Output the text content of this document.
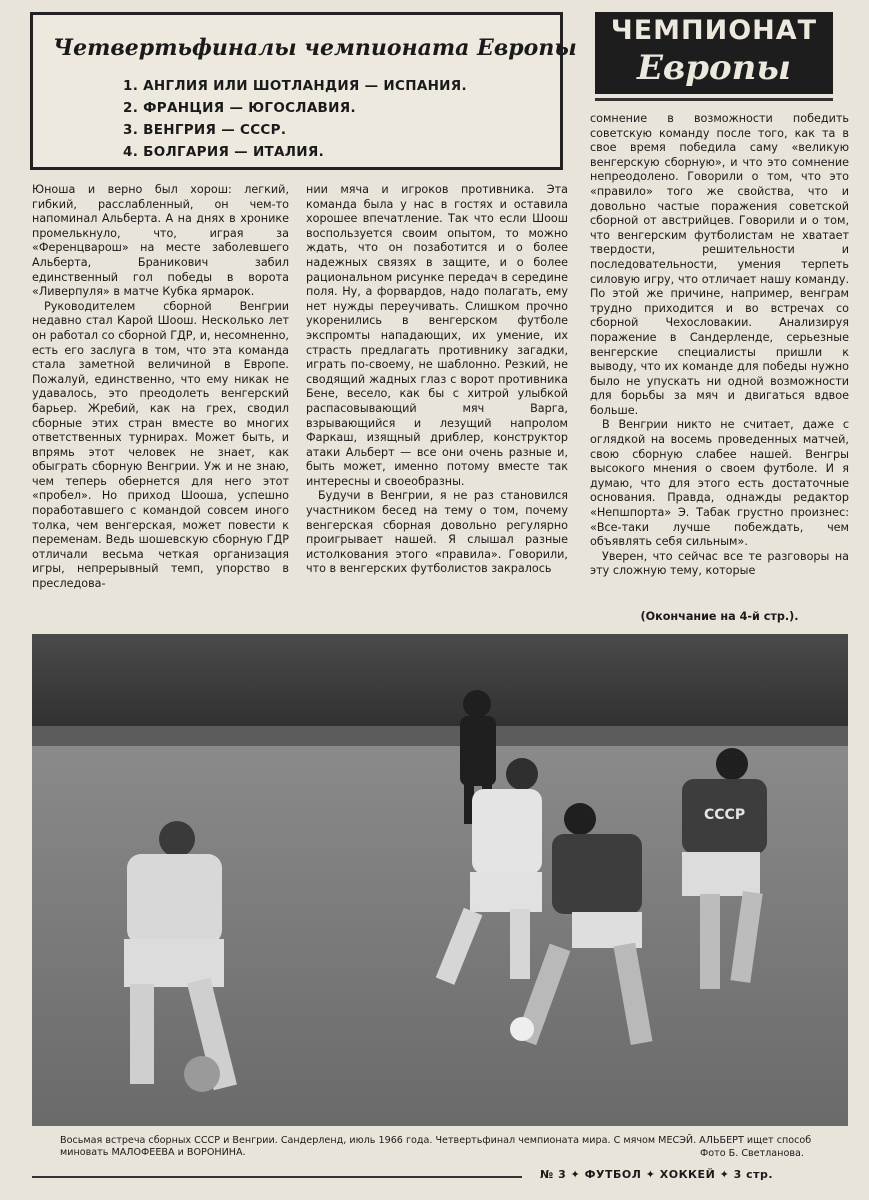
Четвертьфиналы чемпионата Европы
1. АНГЛИЯ ИЛИ ШОТЛАНДИЯ — ИСПАНИЯ.
2. ФРАНЦИЯ — ЮГОСЛАВИЯ.
3. ВЕНГРИЯ — СССР.
4. БОЛГАРИЯ — ИТАЛИЯ.
ЧЕМПИОНАТ
Европы

Юноша и верно был хорош: легкий, гибкий, расслабленный, он чем-то напоминал Альберта. А на днях в хронике промелькнуло, что, играя за «Ференцварош» на месте заболевшего Альберта, Браникович забил единственный гол победы в ворота «Ливерпуля» в матче Кубка ярмарок.

Руководителем сборной Венгрии недавно стал Карой Шоош. Несколько лет он работал со сборной ГДР, и, несомненно, есть его заслуга в том, что эта команда стала заметной величиной в Европе. Пожалуй, единственно, что ему никак не удавалось, это преодолеть венгерский барьер. Жребий, как на грех, сводил сборные этих стран вместе во многих ответственных турнирах. Может быть, и впрямь этот человек не знает, как обыграть сборную Венгрии. Уж и не знаю, чем теперь обернется для него этот «пробел». Но приход Шооша, успешно поработавшего с командой совсем иного толка, чем венгерская, может повести к переменам. Ведь шошевскую сборную ГДР отличали весьма четкая организация игры, непрерывный темп, упорство в преследова-

нии мяча и игроков противника. Эта команда была у нас в гостях и оставила хорошее впечатление. Так что если Шоош воспользуется своим опытом, то можно ждать, что он позаботится и о более надежных связях в защите, и о более рациональном рисунке передач в середине поля. Ну, а форвардов, надо полагать, ему нет нужды переучивать. Слишком прочно укоренились в венгерском футболе экспромты нападающих, их умение, их страсть предлагать противнику загадки, играть по-своему, не шаблонно. Резкий, не сводящий жадных глаз с ворот противника Бене, весело, как бы с хитрой улыбкой распасовывающий мяч Варга, взрывающийся и лезущий напролом Фаркаш, изящный дриблер, конструктор атаки Альберт — все они очень разные и, быть может, именно потому вместе так интересны и своеобразны.

Будучи в Венгрии, я не раз становился участником бесед на тему о том, почему венгерская сборная довольно регулярно проигрывает нашей. Я слышал разные истолкования этого «правила». Говорили, что в венгерских футболистов закралось

сомнение в возможности победить советскую команду после того, как та в свое время победила саму «великую венгерскую сборную», и что это сомнение непреодолено. Говорили о том, что это «правило» того же свойства, что и довольно частые поражения советской сборной от австрийцев. Говорили и о том, что венгерским футболистам не хватает твердости, решительности и последовательности, умения терпеть силовую игру, что отличает нашу команду. По этой же причине, например, венграм трудно приходится и во встречах со сборной Чехословакии. Анализируя поражение в Сандерленде, серьезные венгерские специалисты пришли к выводу, что их команде для победы нужно было не упускать ни одной возможности для борьбы за мяч и двигаться вдвое больше.

В Венгрии никто не считает, даже с оглядкой на восемь проведенных матчей, свою сборную слабее нашей. Венгры высокого мнения о своем футболе. И я думаю, что для этого есть достаточные основания. Правда, однажды редактор «Непшпорта» Э. Табак грустно произнес: «Все-таки лучше побеждать, чем объявлять себя сильным».

Уверен, что сейчас все те разговоры на эту сложную тему, которые

(Окончание на 4-й стр.).
СССР
Восьмая встреча сборных СССР и Венгрии. Сандерленд, июль 1966 года. Четвертьфинал чемпионата мира. С мячом МЕСЭЙ. АЛЬБЕРТ ищет способ миновать МАЛОФЕЕВА и ВОРОНИНА.	Фото Б. Светланова.
№ 3 ✦ ФУТБОЛ ✦ ХОККЕЙ ✦ 3 стр.
